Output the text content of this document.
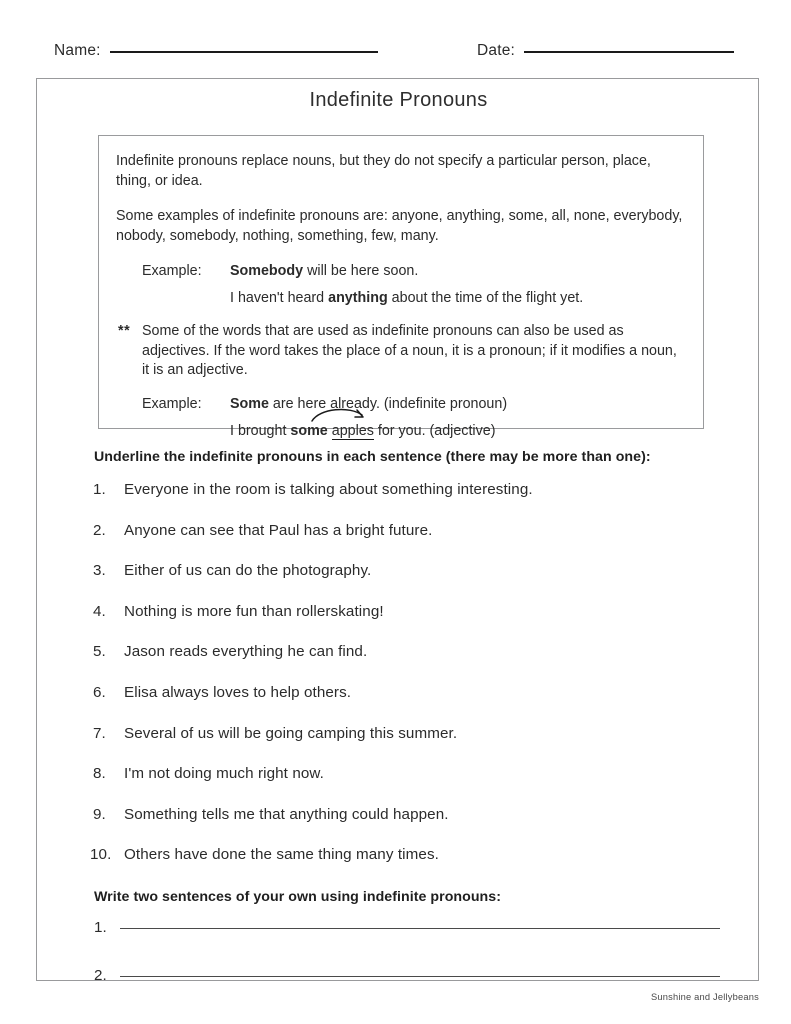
Name:	Date:
Indefinite Pronouns

Indefinite pronouns replace nouns, but they do not specify a particular person, place, thing, or idea.

Some examples of indefinite pronouns are: anyone, anything, some, all, none, everybody, nobody, somebody, nothing, something, few, many.

Example:	Somebody will be here soon.
I haven't heard anything about the time of the flight yet.
** Some of the words that are used as indefinite pronouns can also be used as adjectives. If the word takes the place of a noun, it is a pronoun; if it modifies a noun, it is an adjective.
Example:	Some are here already. (indefinite pronoun)
I brought
some apples for you. (adjective)
Underline the indefinite pronouns in each sentence (there may be more than one):
1.	Everyone in the room is talking about something interesting.
2.	Anyone can see that Paul has a bright future.
3.	Either of us can do the photography.
4.	Nothing is more fun than rollerskating!
5.	Jason reads everything he can find.
6.	Elisa always loves to help others.
7.	Several of us will be going camping this summer.
8.	I'm not doing much right now.
9.	Something tells me that anything could happen.
10. Others have done the same thing many times.
Write two sentences of your own using indefinite pronouns:
1.
2.
Sunshine and Jellybeans
